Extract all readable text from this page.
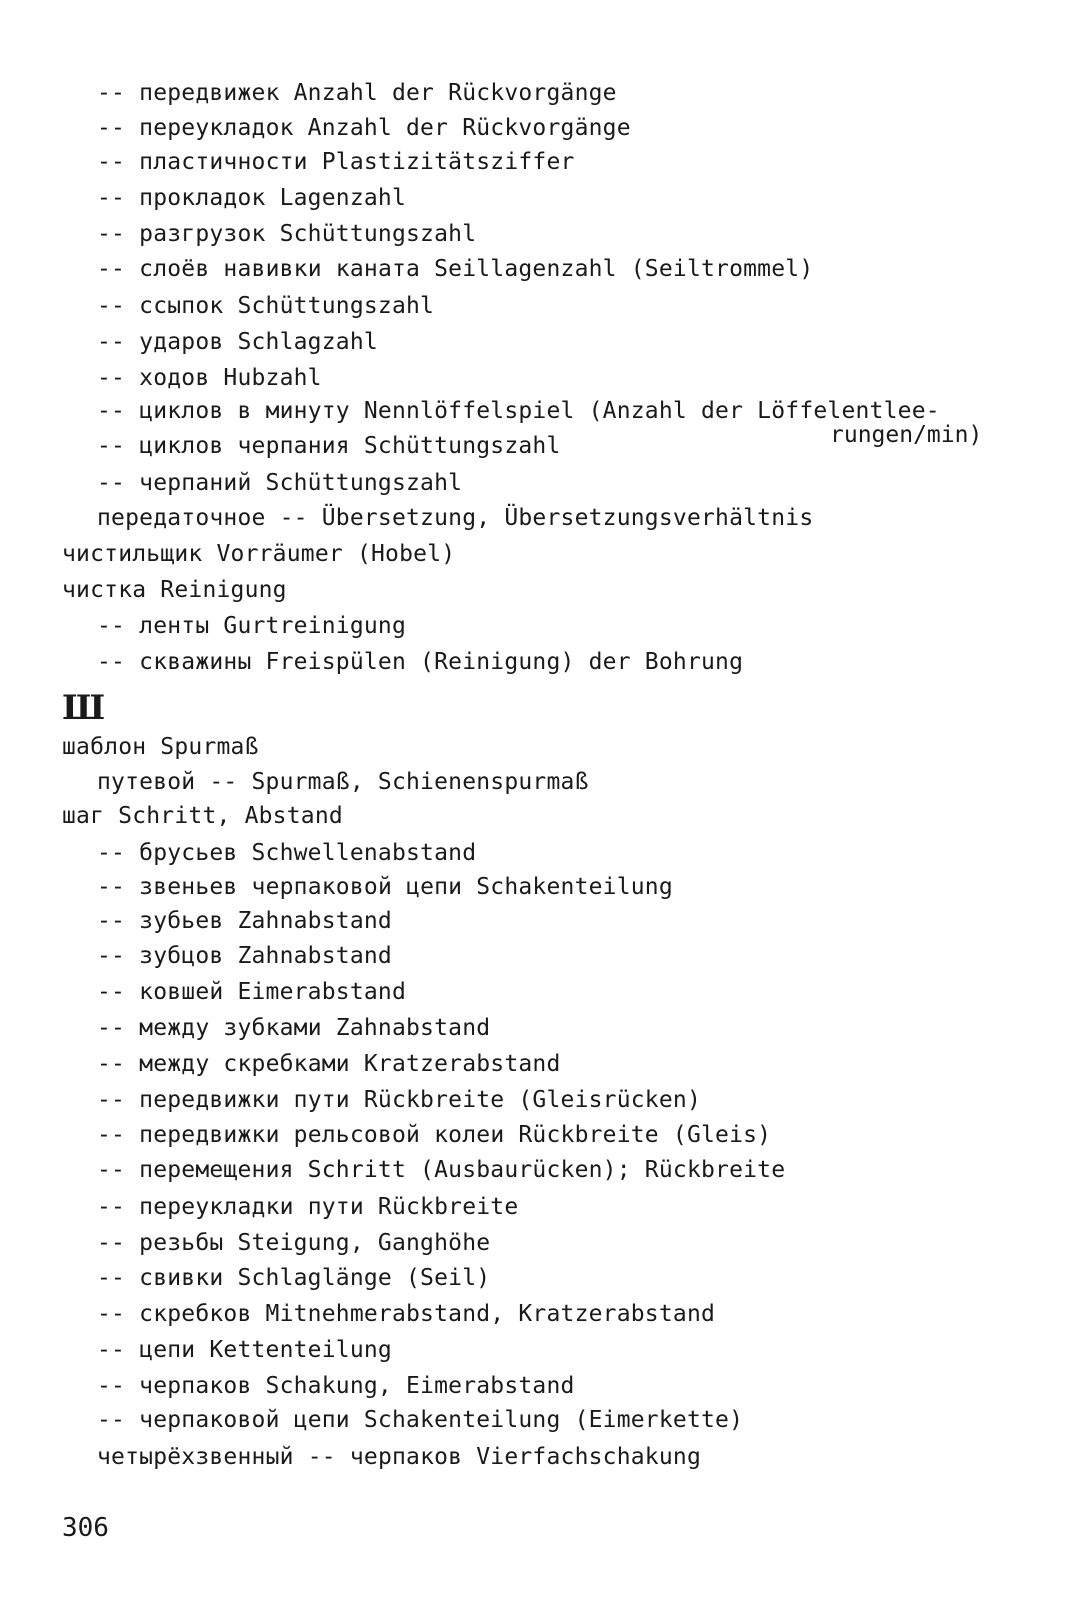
-- передвижек Anzahl der Rückvorgänge
-- переукладок Anzahl der Rückvorgänge
-- пластичности Plastizitätsziffer
-- прокладок Lagenzahl
-- разгрузок Schüttungszahl
-- слоёв навивки каната Seillagenzahl (Seiltrommel)
-- ссыпок Schüttungszahl
-- ударов Schlagzahl
-- ходов Hubzahl
-- циклов в минуту Nennlöffelspiel (Anzahl der Löffelentlee-
rungen/min)
-- циклов черпания Schüttungszahl
-- черпаний Schüttungszahl
передаточное -- Übersetzung, Übersetzungsverhältnis
чистильщик Vorräumer (Hobel)
чистка Reinigung
-- ленты Gurtreinigung
-- скважины Freispülen (Reinigung) der Bohrung
Ш
шаблон Spurmaß
путевой -- Spurmaß, Schienenspurmaß
шаг Schritt, Abstand
-- брусьев Schwellenabstand
-- звеньев черпаковой цепи Schakenteilung
-- зубьев Zahnabstand
-- зубцов Zahnabstand
-- ковшей Eimerabstand
-- между зубками Zahnabstand
-- между скребками Kratzerabstand
-- передвижки пути Rückbreite (Gleisrücken)
-- передвижки рельсовой колеи Rückbreite (Gleis)
-- перемещения Schritt (Ausbaurücken); Rückbreite
-- переукладки пути Rückbreite
-- резьбы Steigung, Ganghöhe
-- свивки Schlaglänge (Seil)
-- скребков Mitnehmerabstand, Kratzerabstand
-- цепи Kettenteilung
-- черпаков Schakung, Eimerabstand
-- черпаковой цепи Schakenteilung (Eimerkette)
четырёхзвенный -- черпаков Vierfachschakung
306
